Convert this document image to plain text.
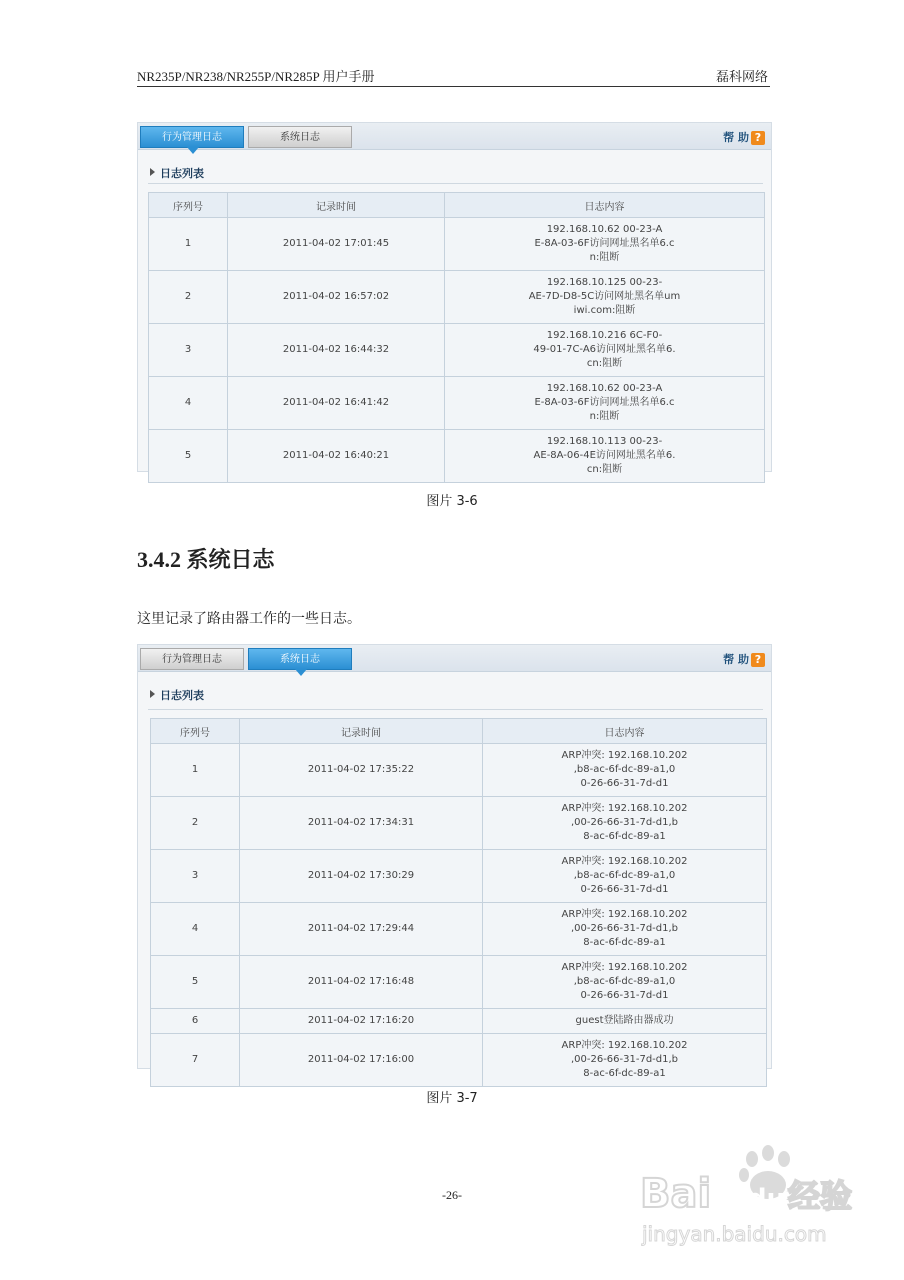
NR235P/NR238/NR255P/NR285P 用户手册	磊科网络
行为管理日志	系统日志	帮 助 ?
日志列表
序列号	记录时间	日志内容
1	2011-04-02 17:01:45	192.168.10.62 00-23-A
E-8A-03-6F访问网址黑名单6.c
n:阻断
2	2011-04-02 16:57:02	192.168.10.125 00-23-
AE-7D-D8-5C访问网址黑名单um
iwi.com:阻断
3	2011-04-02 16:44:32	192.168.10.216 6C-F0-
49-01-7C-A6访问网址黑名单6.
cn:阻断
4	2011-04-02 16:41:42	192.168.10.62 00-23-A
E-8A-03-6F访问网址黑名单6.c
n:阻断
5	2011-04-02 16:40:21	192.168.10.113 00-23-
AE-8A-06-4E访问网址黑名单6.
cn:阻断
图片 3-6
3.4.2 系统日志
这里记录了路由器工作的一些日志。
行为管理日志	系统日志	帮 助 ?
日志列表
序列号	记录时间	日志内容
1	2011-04-02 17:35:22	ARP冲突: 192.168.10.202
,b8-ac-6f-dc-89-a1,0
0-26-66-31-7d-d1
2	2011-04-02 17:34:31	ARP冲突: 192.168.10.202
,00-26-66-31-7d-d1,b
8-ac-6f-dc-89-a1
3	2011-04-02 17:30:29	ARP冲突: 192.168.10.202
,b8-ac-6f-dc-89-a1,0
0-26-66-31-7d-d1
4	2011-04-02 17:29:44	ARP冲突: 192.168.10.202
,00-26-66-31-7d-d1,b
8-ac-6f-dc-89-a1
5	2011-04-02 17:16:48	ARP冲突: 192.168.10.202
,b8-ac-6f-dc-89-a1,0
0-26-66-31-7d-d1
6	2011-04-02 17:16:20	guest登陆路由器成功
7	2011-04-02 17:16:00	ARP冲突: 192.168.10.202
,00-26-66-31-7d-d1,b
8-ac-6f-dc-89-a1
图片 3-7
-26-	Bai du 经验
jingyan.baidu.com
